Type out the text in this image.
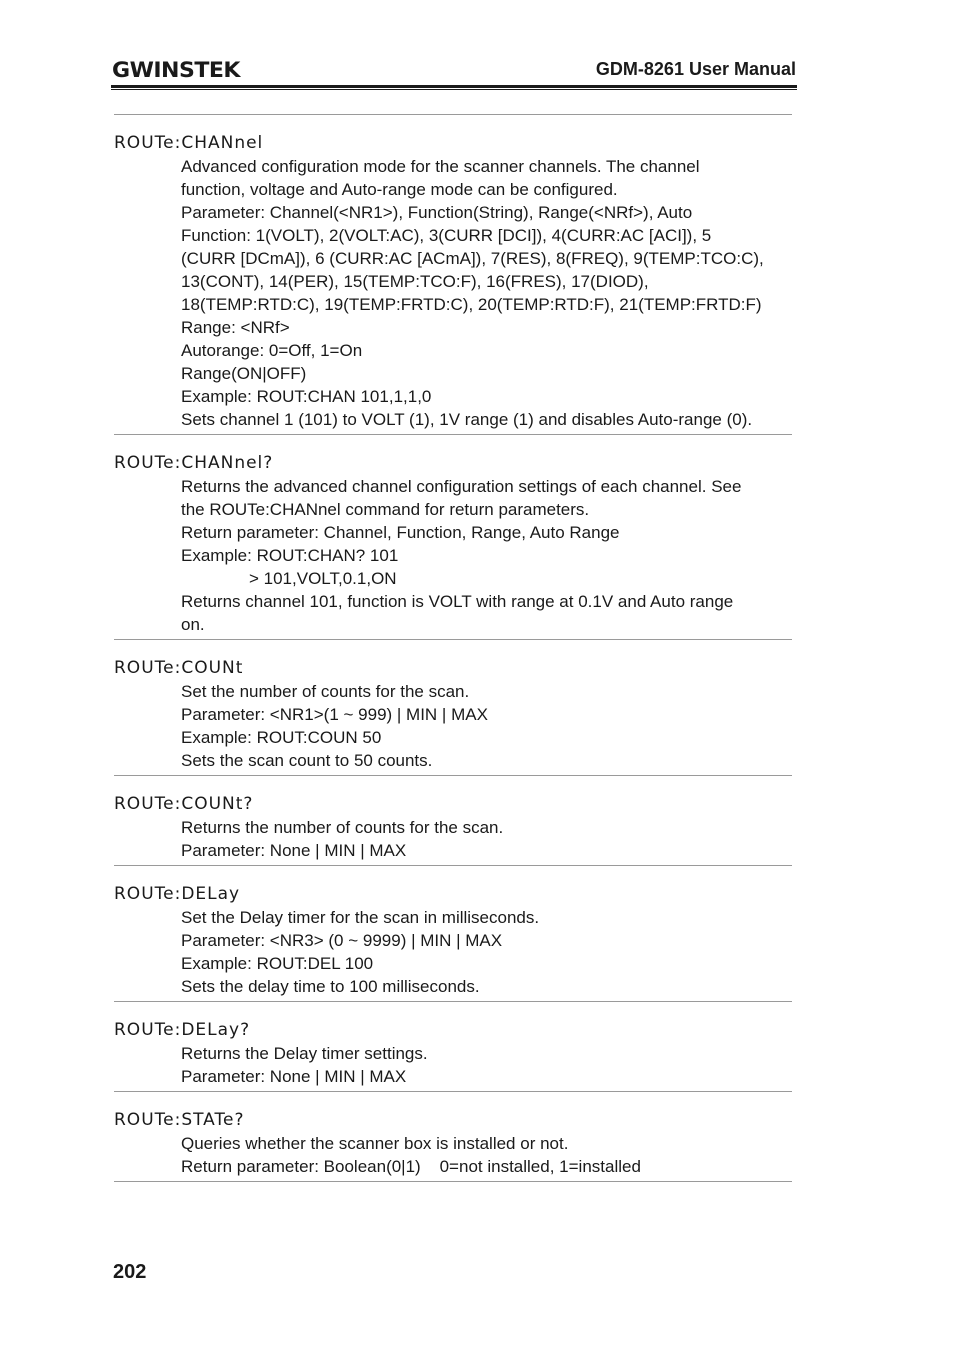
GWINSTEK	GDM-8261 User Manual
ROUTe:CHANnel
Advanced configuration mode for the scanner channels. The channel
function, voltage and Auto-range mode can be configured.
Parameter: Channel(<NR1>), Function(String), Range(<NRf>), Auto
Function: 1(VOLT), 2(VOLT:AC), 3(CURR [DCI]), 4(CURR:AC [ACI]), 5
(CURR [DCmA]), 6 (CURR:AC [ACmA]), 7(RES), 8(FREQ), 9(TEMP:TCO:C),
13(CONT), 14(PER), 15(TEMP:TCO:F), 16(FRES), 17(DIOD),
18(TEMP:RTD:C), 19(TEMP:FRTD:C), 20(TEMP:RTD:F), 21(TEMP:FRTD:F)
Range: <NRf>
Autorange: 0=Off, 1=On
Range(ON|OFF)
Example: ROUT:CHAN 101,1,1,0
Sets channel 1 (101) to VOLT (1), 1V range (1) and disables Auto-range (0).
ROUTe:CHANnel?
Returns the advanced channel configuration settings of each channel. See
the ROUTe:CHANnel command for return parameters.
Return parameter: Channel, Function, Range, Auto Range
Example: ROUT:CHAN? 101
> 101,VOLT,0.1,ON
Returns channel 101, function is VOLT with range at 0.1V and Auto range
on.
ROUTe:COUNt
Set the number of counts for the scan.
Parameter: <NR1>(1 ~ 999) | MIN | MAX
Example: ROUT:COUN 50
Sets the scan count to 50 counts.
ROUTe:COUNt?
Returns the number of counts for the scan.
Parameter: None | MIN | MAX
ROUTe:DELay
Set the Delay timer for the scan in milliseconds.
Parameter: <NR3> (0 ~ 9999) | MIN | MAX
Example: ROUT:DEL 100
Sets the delay time to 100 milliseconds.
ROUTe:DELay?
Returns the Delay timer settings.
Parameter: None | MIN | MAX
ROUTe:STATe?
Queries whether the scanner box is installed or not.
Return parameter: Boolean(0|1)    0=not installed, 1=installed
202
